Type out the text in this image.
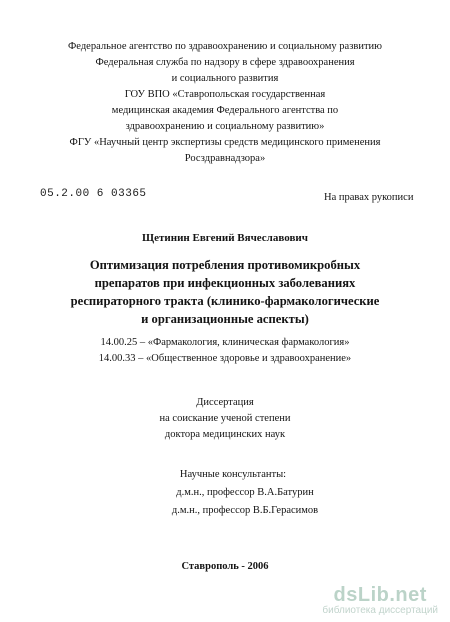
Федеральное агентство по здравоохранению и социальному развитию
Федеральная служба по надзору в сфере здравоохранения
и социального развития
ГОУ ВПО «Ставропольская государственная
медицинская академия Федерального агентства по
здравоохранению и социальному развитию»
ФГУ «Научный центр экспертизы средств медицинского применения
Росздравнадзора»
05.2.00 6 03365	На правах рукописи
Щетинин Евгений Вячеславович
Оптимизация потребления противомикробных
препаратов при инфекционных заболеваниях
респираторного тракта (клинико-фармакологические
и организационные аспекты)
14.00.25 – «Фармакология, клиническая фармакология»
14.00.33 – «Общественное здоровье и здравоохранение»
Диссертация
на соискание ученой степени
доктора медицинских наук
Научные консультанты:
д.м.н., профессор В.А.Батурин
д.м.н., профессор В.Б.Герасимов
Ставрополь - 2006
dsLib.net
библиотека диссертаций
